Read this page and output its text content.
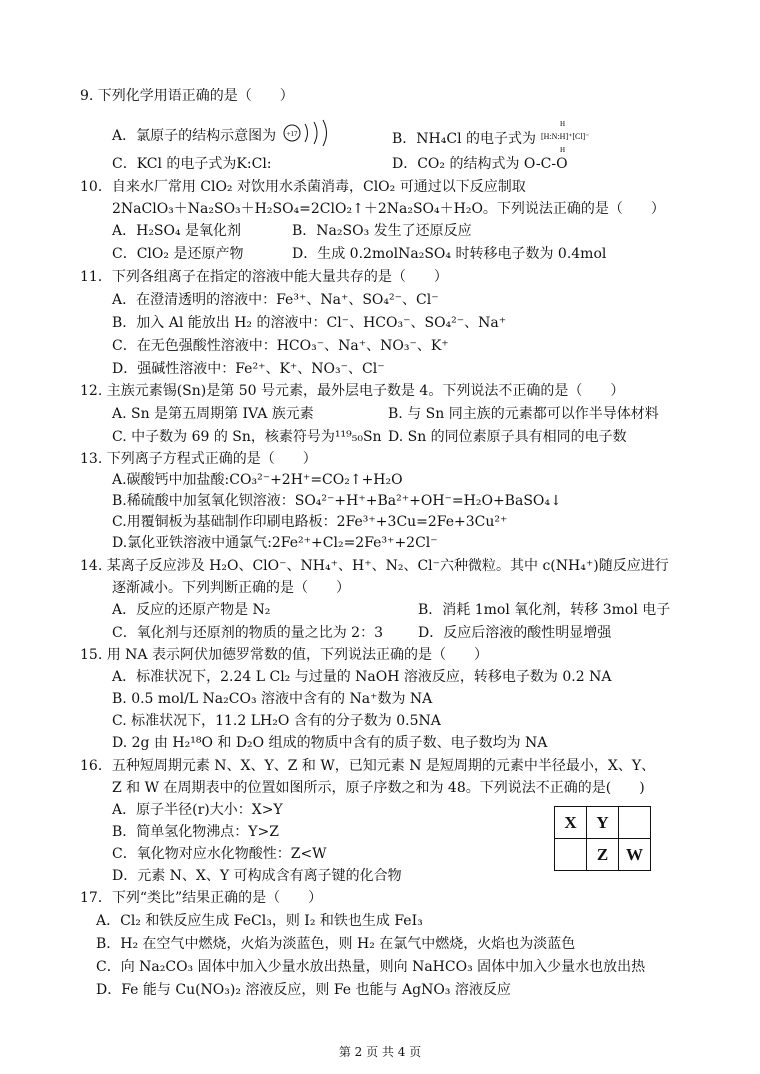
9. 下列化学用语正确的是（　　）
A．氯原子的结构示意图为 +17	B．NH₄Cl 的电子式为
H
H
[H:N:H]⁺[Cl]⁻
C．KCl 的电子式为K:Cl:	D．CO₂ 的结构式为 O-C-O
10．自来水厂常用 ClO₂ 对饮用水杀菌消毒，ClO₂ 可通过以下反应制取
2NaClO₃＋Na₂SO₃＋H₂SO₄=2ClO₂↑＋2Na₂SO₄＋H₂O。下列说法正确的是（　　）
A．H₂SO₄ 是氧化剂	B．Na₂SO₃ 发生了还原反应
C．ClO₂ 是还原产物	D．生成 0.2molNa₂SO₄ 时转移电子数为 0.4mol
11．下列各组离子在指定的溶液中能大量共存的是（　　）
A．在澄清透明的溶液中：Fe³⁺、Na⁺、SO₄²⁻、Cl⁻
B．加入 Al 能放出 H₂ 的溶液中：Cl⁻、HCO₃⁻、SO₄²⁻、Na⁺
C．在无色强酸性溶液中：HCO₃⁻、Na⁺、NO₃⁻、K⁺
D．强碱性溶液中：Fe²⁺、K⁺、NO₃⁻、Cl⁻
12. 主族元素锡(Sn)是第 50 号元素，最外层电子数是 4。下列说法不正确的是（　　）
A. Sn 是第五周期第 IVA 族元素	B. 与 Sn 同主族的元素都可以作半导体材料
C. 中子数为 69 的 Sn，核素符号为¹¹⁹₅₀Sn D. Sn 的同位素原子具有相同的电子数
13. 下列离子方程式正确的是（　　）
A.碳酸钙中加盐酸:CO₃²⁻+2H⁺=CO₂↑+H₂O
B.稀硫酸中加氢氧化钡溶液：SO₄²⁻+H⁺+Ba²⁺+OH⁻=H₂O+BaSO₄↓
C.用覆铜板为基础制作印刷电路板：2Fe³⁺+3Cu=2Fe+3Cu²⁺
D.氯化亚铁溶液中通氯气:2Fe²⁺+Cl₂=2Fe³⁺+2Cl⁻
14. 某离子反应涉及 H₂O、ClO⁻、NH₄⁺、H⁺、N₂、Cl⁻六种微粒。其中 c(NH₄⁺)随反应进行
逐渐减小。下列判断正确的是（　　）
A．反应的还原产物是 N₂	B．消耗 1mol 氧化剂，转移 3mol 电子
C．氧化剂与还原剂的物质的量之比为 2：3	D．反应后溶液的酸性明显增强
15. 用 NA 表示阿伏加德罗常数的值，下列说法正确的是（　　）
A．标准状况下，2.24 L Cl₂ 与过量的 NaOH 溶液反应，转移电子数为 0.2 NA
B. 0.5 mol/L Na₂CO₃ 溶液中含有的 Na⁺数为 NA
C. 标准状况下，11.2 LH₂O 含有的分子数为 0.5NA
D. 2g 由 H₂¹⁸O 和 D₂O 组成的物质中含有的质子数、电子数均为 NA
16．五种短周期元素 N、X、Y、Z 和 W，已知元素 N 是短周期的元素中半径最小，X、Y、
Z 和 W 在周期表中的位置如图所示，原子序数之和为 48。下列说法不正确的是(　　)
A．原子半径(r)大小：X>Y
B．简单氢化物沸点：Y>Z
C．氧化物对应水化物酸性：Z<W
D．元素 N、X、Y 可构成含有离子键的化合物
X	Y	
	Z	W
17．下列“类比”结果正确的是（　　）
A．Cl₂ 和铁反应生成 FeCl₃，则 I₂ 和铁也生成 FeI₃
B．H₂ 在空气中燃烧，火焰为淡蓝色，则 H₂ 在氯气中燃烧，火焰也为淡蓝色
C．向 Na₂CO₃ 固体中加入少量水放出热量，则向 NaHCO₃ 固体中加入少量水也放出热
D．Fe 能与 Cu(NO₃)₂ 溶液反应，则 Fe 也能与 AgNO₃ 溶液反应
第 2 页 共 4 页
